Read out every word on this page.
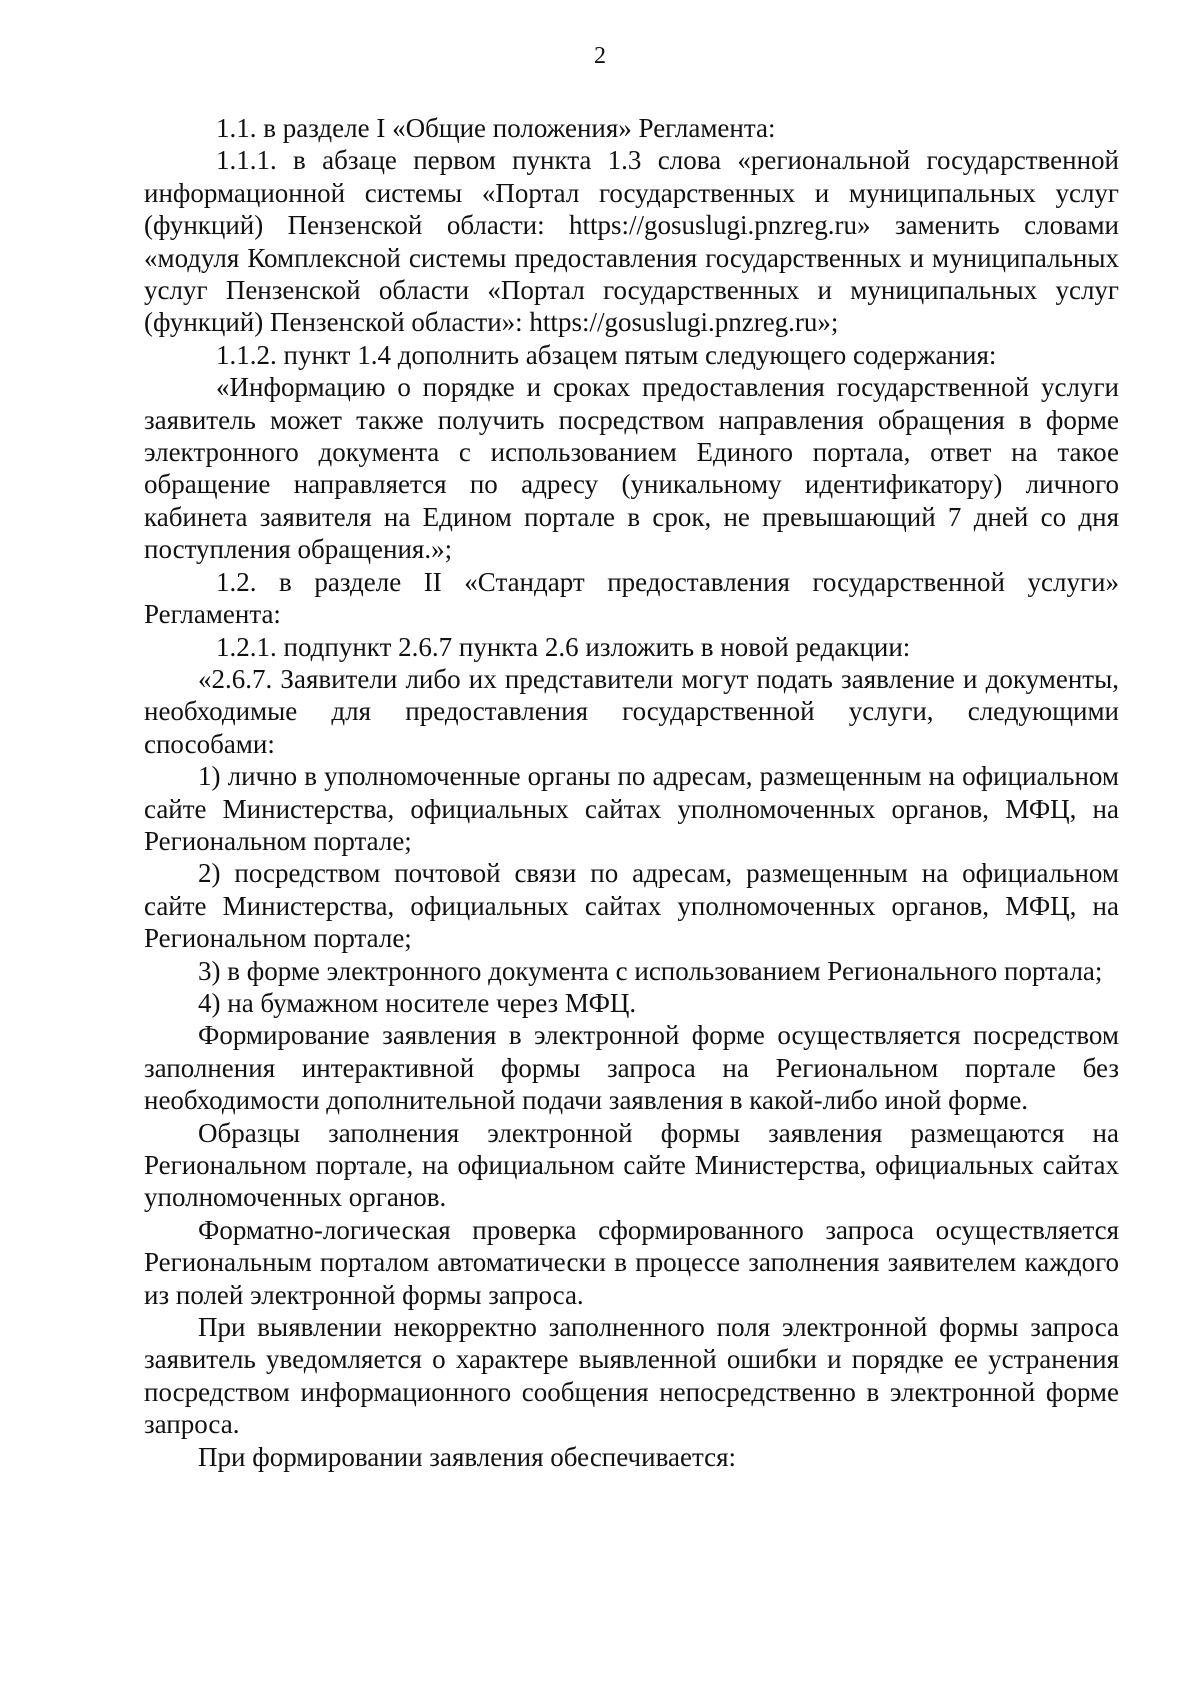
2

1.1. в разделе I «Общие положения» Регламента:

1.1.1. в абзаце первом пункта 1.3 слова «региональной государственной информационной системы «Портал государственных и муниципальных услуг (функций) Пензенской области: https://gosuslugi.pnzreg.ru» заменить словами «модуля Комплексной системы предоставления государственных и муниципальных услуг Пензенской области «Портал государственных и муниципальных услуг (функций) Пензенской области»: https://gosuslugi.pnzreg.ru»;

1.1.2. пункт 1.4 дополнить абзацем пятым следующего содержания:

«Информацию о порядке и сроках предоставления государственной услуги заявитель может также получить посредством направления обращения в форме электронного документа с использованием Единого портала, ответ на такое обращение направляется по адресу (уникальному идентификатору) личного кабинета заявителя на Едином портале в срок, не превышающий 7 дней со дня поступления обращения.»;

1.2. в разделе II «Стандарт предоставления государственной услуги» Регламента:

1.2.1. подпункт 2.6.7 пункта 2.6 изложить в новой редакции:

«2.6.7. Заявители либо их представители могут подать заявление и документы, необходимые для предоставления государственной услуги, следующими способами:

1) лично в уполномоченные органы по адресам, размещенным на официальном сайте Министерства, официальных сайтах уполномоченных органов, МФЦ, на Региональном портале;

2) посредством почтовой связи по адресам, размещенным на официальном сайте Министерства, официальных сайтах уполномоченных органов, МФЦ, на Региональном портале;

3) в форме электронного документа с использованием Регионального портала;

4) на бумажном носителе через МФЦ.

Формирование заявления в электронной форме осуществляется посредством заполнения интерактивной формы запроса на Региональном портале без необходимости дополнительной подачи заявления в какой-либо иной форме.

Образцы заполнения электронной формы заявления размещаются на Региональном портале, на официальном сайте Министерства, официальных сайтах уполномоченных органов.

Форматно-логическая проверка сформированного запроса осуществляется Региональным порталом автоматически в процессе заполнения заявителем каждого из полей электронной формы запроса.

При выявлении некорректно заполненного поля электронной формы запроса заявитель уведомляется о характере выявленной ошибки и порядке ее устранения посредством информационного сообщения непосредственно в электронной форме запроса.

При формировании заявления обеспечивается:
